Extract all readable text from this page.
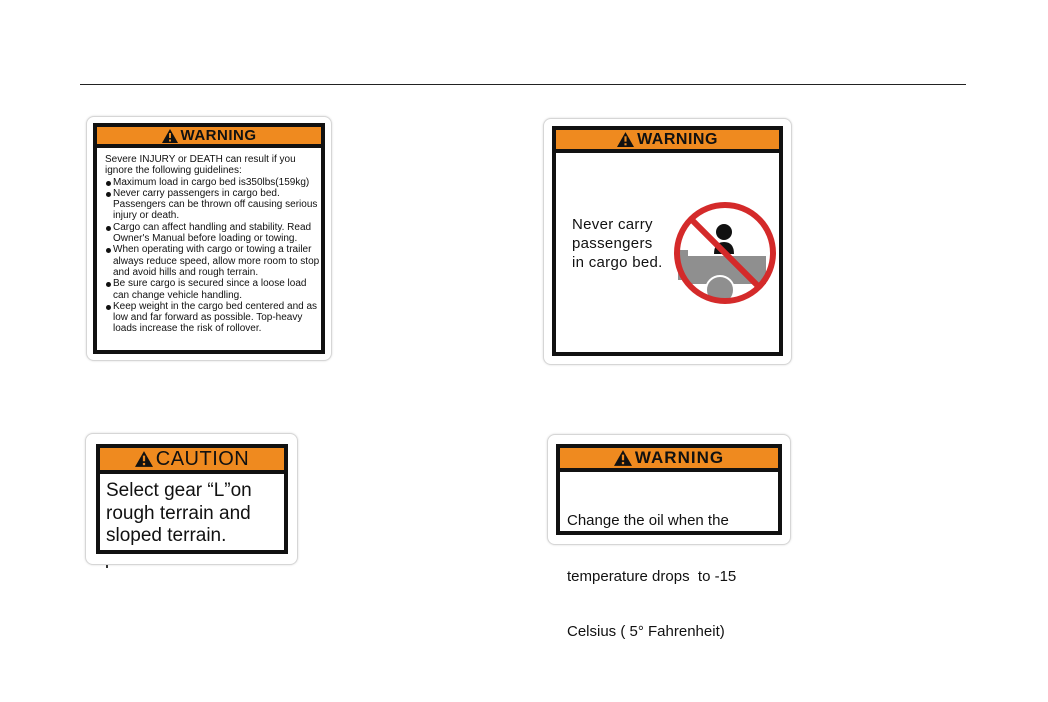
WARNING
Severe INJURY or DEATH can result if you ignore the following guidelines:
Maximum load in cargo bed is350lbs(159kg)
Never carry passengers in cargo bed. Passengers can be thrown off causing serious injury or death.
Cargo can affect handling and stability. Read Owner's Manual before loading or towing.
When operating with cargo or towing a trailer always reduce speed, allow more room to stop and avoid hills and rough terrain.
Be sure cargo is secured since a loose load can change vehicle handling.
Keep weight in the cargo bed centered and as low and far forward as possible. Top-heavy loads increase the risk of rollover.
WARNING
Never carry
passengers
in cargo bed.
CAUTION
Select gear “L”on
rough terrain and
sloped terrain.
WARNING

Change the oil when the

temperature drops  to -15

Celsius ( 5° Fahrenheit)
